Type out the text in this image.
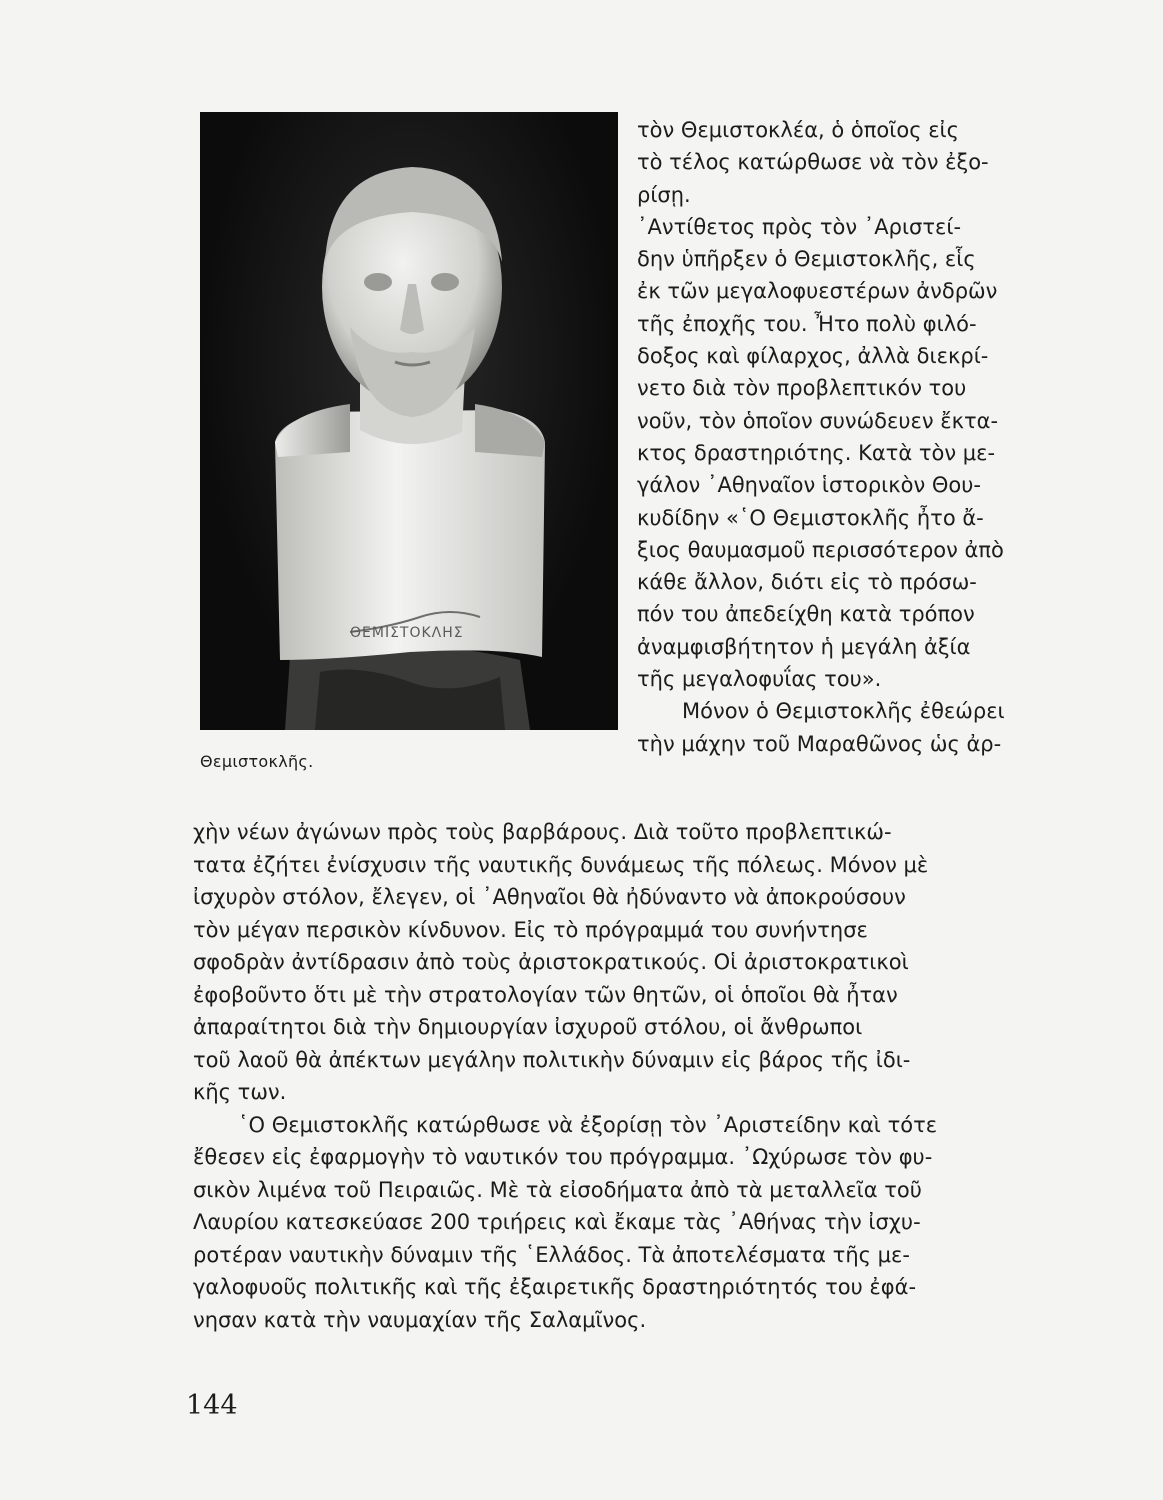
ΘΕΜΙΣΤΟΚΛΗΣ
Θεμιστοκλῆς.
τὸν Θεμιστοκλέα, ὁ ὁποῖος εἰς
τὸ τέλος κατώρθωσε νὰ τὸν ἐξο-
ρίσῃ.
᾿Αντίθετος πρὸς τὸν ᾿Αριστεί-
δην ὑπῆρξεν ὁ Θεμιστοκλῆς, εἷς
ἐκ τῶν μεγαλοφυεστέρων ἀνδρῶν
τῆς ἐποχῆς του. Ἦτο πολὺ φιλό-
δοξος καὶ φίλαρχος, ἀλλὰ διεκρί-
νετο διὰ τὸν προβλεπτικόν του
νοῦν, τὸν ὁποῖον συνώδευεν ἔκτα-
κτος δραστηριότης. Κατὰ τὸν με-
γάλον ᾿Αθηναῖον ἱστορικὸν Θου-
κυδίδην «῾Ο Θεμιστοκλῆς ἦτο ἄ-
ξιος θαυμασμοῦ περισσότερον ἀπὸ
κάθε ἄλλον, διότι εἰς τὸ πρόσω-
πόν του ἀπεδείχθη κατὰ τρόπον
ἀναμφισβήτητον ἡ μεγάλη ἀξία
τῆς μεγαλοφυΐας του».
Μόνον ὁ Θεμιστοκλῆς ἐθεώρει
τὴν μάχην τοῦ Μαραθῶνος ὡς ἀρ-
χὴν νέων ἀγώνων πρὸς τοὺς βαρβάρους. Διὰ τοῦτο προβλεπτικώ-
τατα ἐζήτει ἐνίσχυσιν τῆς ναυτικῆς δυνάμεως τῆς πόλεως. Μόνον μὲ
ἰσχυρὸν στόλον, ἔλεγεν, οἱ ᾿Αθηναῖοι θὰ ἠδύναντο νὰ ἀποκρούσουν
τὸν μέγαν περσικὸν κίνδυνον. Εἰς τὸ πρόγραμμά του συνήντησε
σφοδρὰν ἀντίδρασιν ἀπὸ τοὺς ἀριστοκρατικούς. Οἱ ἀριστοκρατικοὶ
ἐφοβοῦντο ὅτι μὲ τὴν στρατολογίαν τῶν θητῶν, οἱ ὁποῖοι θὰ ἦταν
ἀπαραίτητοι διὰ τὴν δημιουργίαν ἰσχυροῦ στόλου, οἱ ἄνθρωποι
τοῦ λαοῦ θὰ ἀπέκτων μεγάλην πολιτικὴν δύναμιν εἰς βάρος τῆς ἰδι-
κῆς των.
῾Ο Θεμιστοκλῆς κατώρθωσε νὰ ἐξορίσῃ τὸν ᾿Αριστείδην καὶ τότε
ἔθεσεν εἰς ἐφαρμογὴν τὸ ναυτικόν του πρόγραμμα. ᾿Ωχύρωσε τὸν φυ-
σικὸν λιμένα τοῦ Πειραιῶς. Μὲ τὰ εἰσοδήματα ἀπὸ τὰ μεταλλεῖα τοῦ
Λαυρίου κατεσκεύασε 200 τριήρεις καὶ ἔκαμε τὰς ᾿Αθήνας τὴν ἰσχυ-
ροτέραν ναυτικὴν δύναμιν τῆς ῾Ελλάδος. Τὰ ἀποτελέσματα τῆς με-
γαλοφυοῦς πολιτικῆς καὶ τῆς ἐξαιρετικῆς δραστηριότητός του ἐφά-
νησαν κατὰ τὴν ναυμαχίαν τῆς Σαλαμῖνος.
144
